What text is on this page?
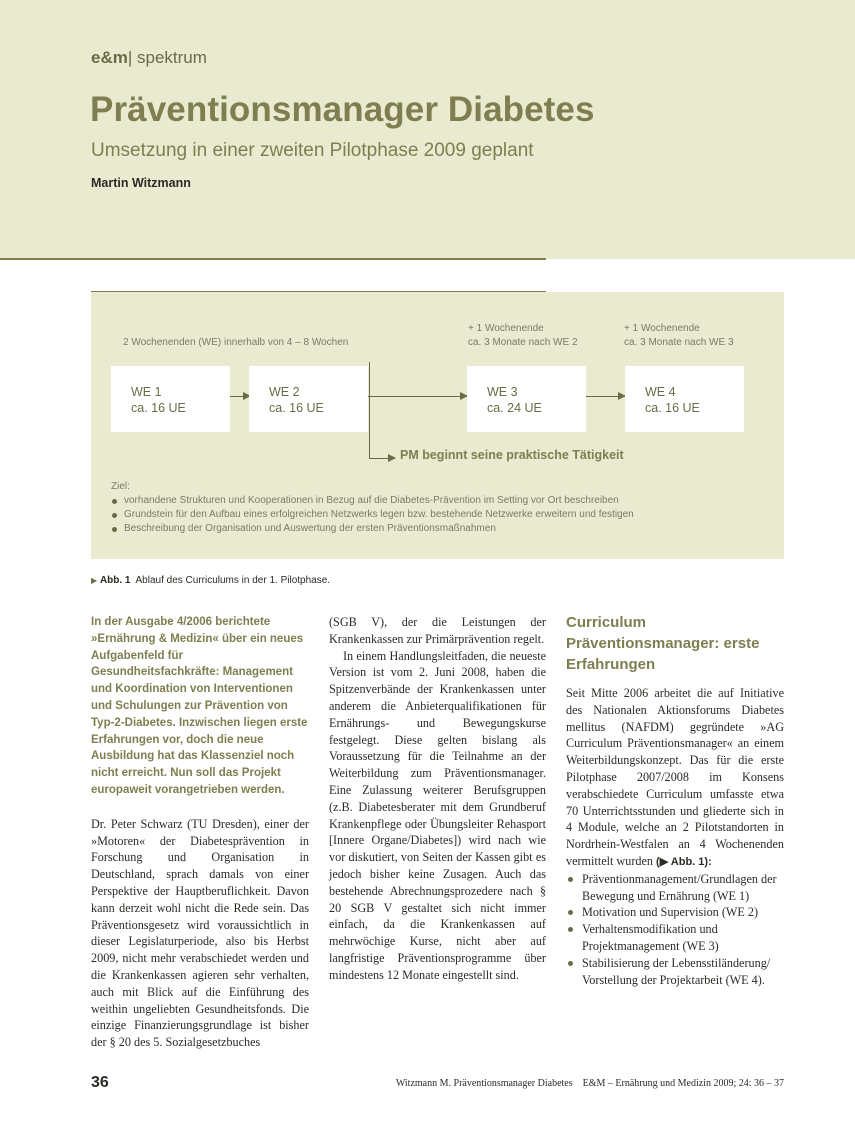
e&m| spektrum
Präventionsmanager Diabetes
Umsetzung in einer zweiten Pilotphase 2009 geplant
Martin Witzmann
2 Wochenenden (WE) innerhalb von 4 – 8 Wochen
+ 1 Wochenende
ca. 3 Monate nach WE 2
+ 1 Wochenende
ca. 3 Monate nach WE 3
WE 1
ca. 16 UE
WE 2
ca. 16 UE
WE 3
ca. 24 UE
WE 4
ca. 16 UE
PM beginnt seine praktische Tätigkeit
Ziel:
vorhandene Strukturen und Kooperationen in Bezug auf die Diabetes-Prävention im Setting vor Ort beschreiben
Grundstein für den Aufbau eines erfolgreichen Netzwerks legen bzw. bestehende Netzwerke erweitern und festigen
Beschreibung der Organisation und Auswertung der ersten Präventionsmaßnahmen
▶ Abb. 1 Ablauf des Curriculums in der 1. Pilotphase.

In der Ausgabe 4/2006 berichtete »Ernährung & Medizin« über ein neues Aufgabenfeld für Gesundheitsfachkräfte: Management und Koordination von Interventionen und Schulungen zur Prävention von Typ-2-Diabetes. Inzwischen liegen erste Erfahrungen vor, doch die neue Ausbildung hat das Klassenziel noch nicht erreicht. Nun soll das Projekt europaweit vorangetrieben werden.

Dr. Peter Schwarz (TU Dresden), einer der »Motoren« der Diabetesprävention in Forschung und Organisation in Deutschland, sprach damals von einer Perspektive der Hauptberuflichkeit. Davon kann derzeit wohl nicht die Rede sein. Das Präventionsgesetz wird voraussichtlich in dieser Legislaturperiode, also bis Herbst 2009, nicht mehr verabschiedet werden und die Krankenkassen agieren sehr verhalten, auch mit Blick auf die Einführung des weithin ungeliebten Gesundheitsfonds. Die einzige Finanzierungsgrundlage ist bisher der § 20 des 5. Sozialgesetzbuches

(SGB V), der die Leistungen der Krankenkassen zur Primärprävention regelt.

In einem Handlungsleitfaden, die neueste Version ist vom 2. Juni 2008, haben die Spitzenverbände der Krankenkassen unter anderem die Anbieterqualifikationen für Ernährungs- und Bewegungskurse festgelegt. Diese gelten bislang als Voraussetzung für die Teilnahme an der Weiterbildung zum Präventionsmanager. Eine Zulassung weiterer Berufsgruppen (z.B. Diabetesberater mit dem Grundberuf Krankenpflege oder Übungsleiter Rehasport [Innere Organe/Diabetes]) wird nach wie vor diskutiert, von Seiten der Kassen gibt es jedoch bisher keine Zusagen. Auch das bestehende Abrechnungsprozedere nach § 20 SGB V gestaltet sich nicht immer einfach, da die Krankenkassen auf mehrwöchige Kurse, nicht aber auf langfristige Präventionsprogramme über mindestens 12 Monate eingestellt sind.

Curriculum Präventionsmanager: erste Erfahrungen

Seit Mitte 2006 arbeitet die auf Initiative des Nationalen Aktionsforums Diabetes mellitus (NAFDM) gegründete »AG Curriculum Präventionsmanager« an einem Weiterbildungskonzept. Das für die erste Pilotphase 2007/2008 im Konsens verabschiedete Curriculum umfasste etwa 70 Unterrichtsstunden und gliederte sich in 4 Module, welche an 2 Pilotstandorten in Nordrhein-Westfalen an 4 Wochenenden vermittelt wurden (▶ Abb. 1):

Präventionmanagement/Grundlagen der Bewegung und Ernährung (WE 1)
Motivation und Supervision (WE 2)
Verhaltensmodifikation und Projektmanagement (WE 3)
Stabilisierung der Lebensstiländerung/ Vorstellung der Projektarbeit (WE 4).
36	Witzmann M. Präventionsmanager Diabetes    E&M – Ernährung und Medizin 2009; 24: 36 – 37
